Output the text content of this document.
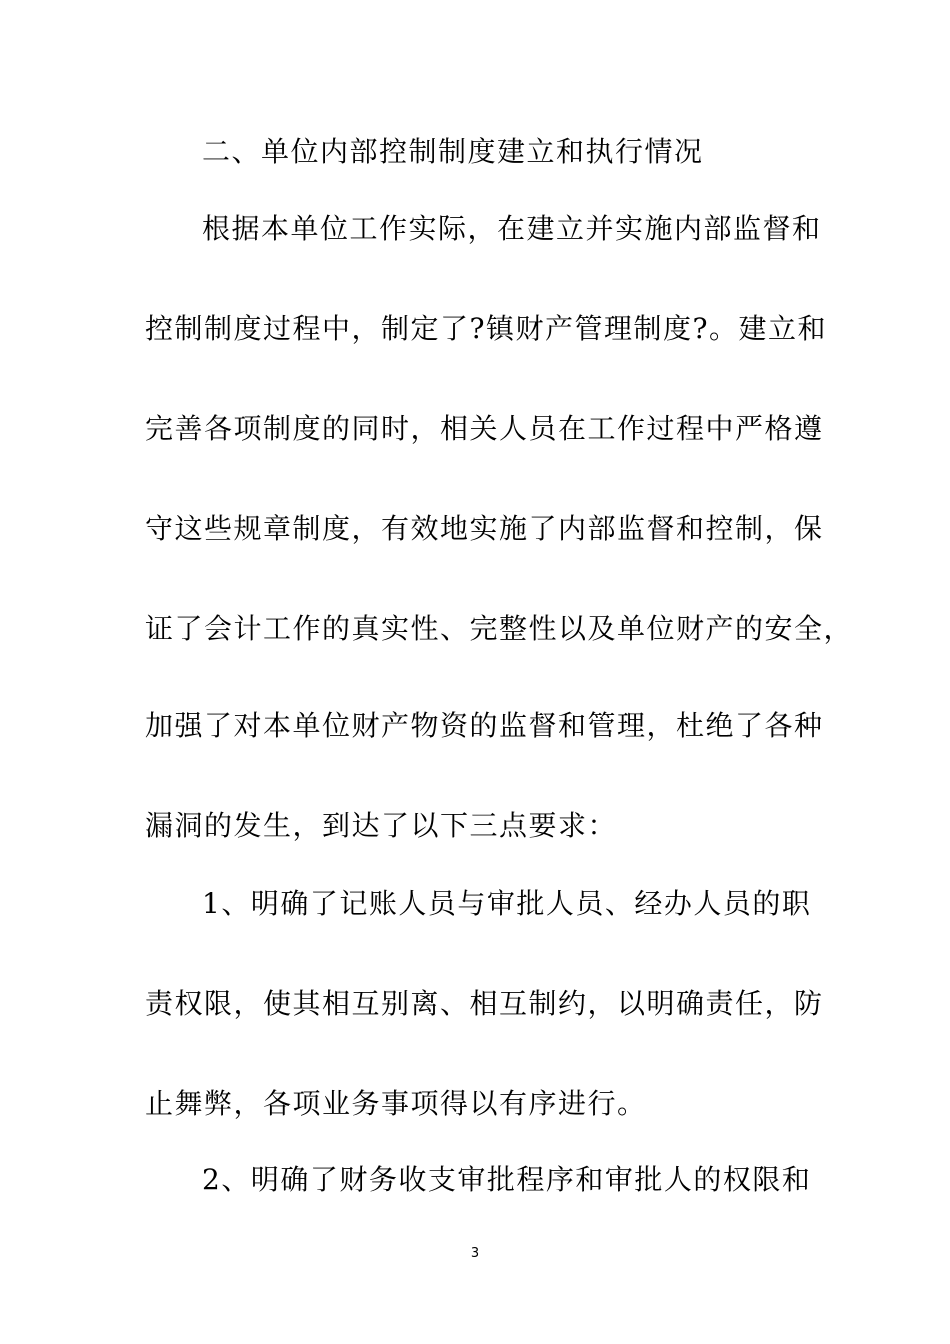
二、单位内部控制制度建立和执行情况
根据本单位工作实际，在建立并实施内部监督和
控制制度过程中，制定了?镇财产管理制度?。建立和
完善各项制度的同时，相关人员在工作过程中严格遵
守这些规章制度，有效地实施了内部监督和控制，保
证了会计工作的真实性、完整性以及单位财产的安全，
加强了对本单位财产物资的监督和管理，杜绝了各种
漏洞的发生，到达了以下三点要求：
1、明确了记账人员与审批人员、经办人员的职
责权限，使其相互别离、相互制约，以明确责任，防
止舞弊，各项业务事项得以有序进行。
2、明确了财务收支审批程序和审批人的权限和
3
